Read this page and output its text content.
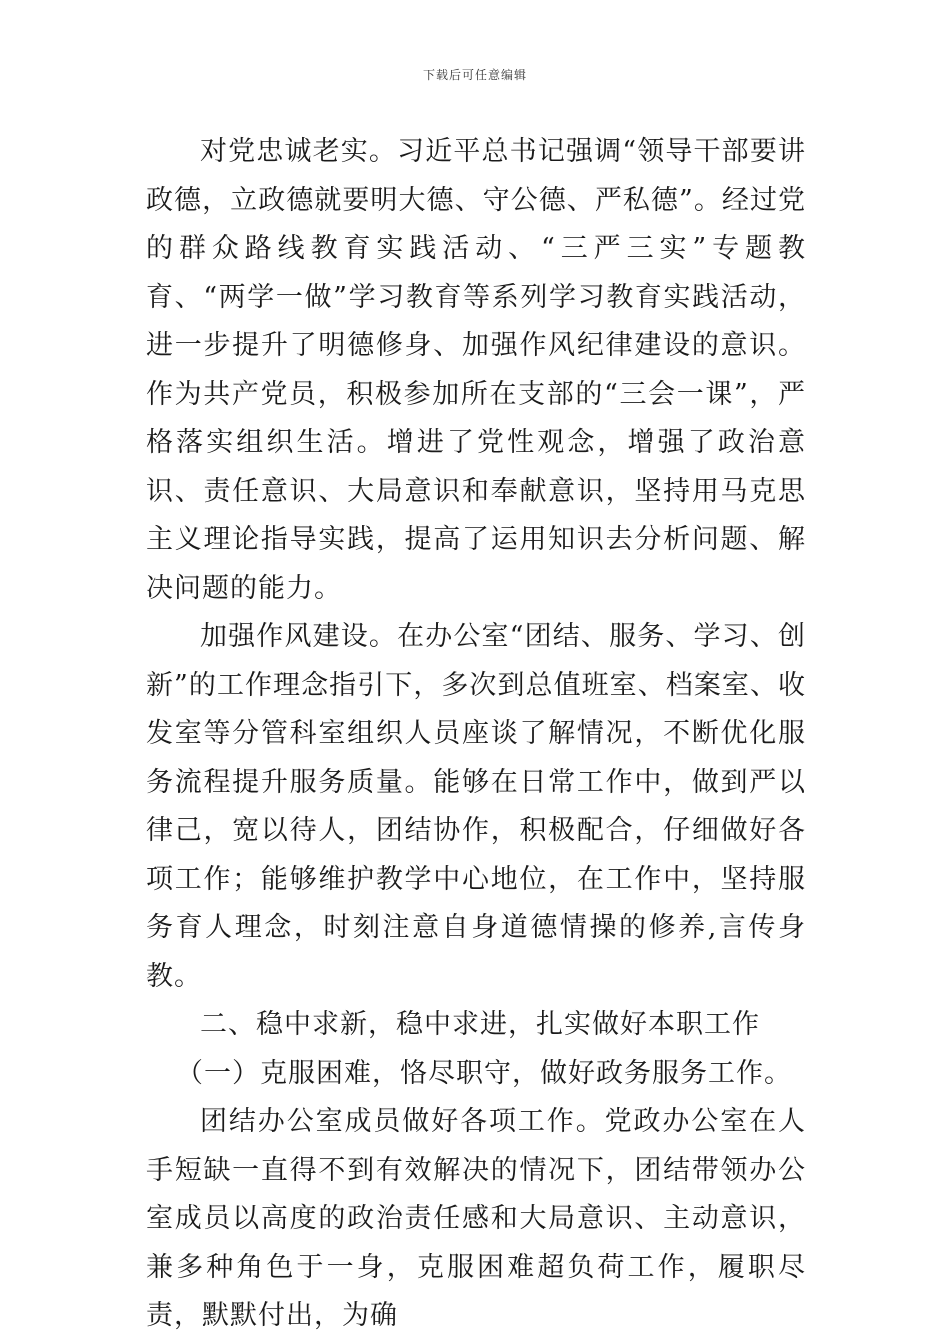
下载后可任意编辑

对党忠诚老实。习近平总书记强调“领导干部要讲政德，立政德就要明大德、守公德、严私德”。经过党的群众路线教育实践活动、“三严三实”专题教育、“两学一做”学习教育等系列学习教育实践活动，进一步提升了明德修身、加强作风纪律建设的意识。作为共产党员，积极参加所在支部的“三会一课”，严格落实组织生活。增进了党性观念，增强了政治意识、责任意识、大局意识和奉献意识，坚持用马克思主义理论指导实践，提高了运用知识去分析问题、解决问题的能力。

加强作风建设。在办公室“团结、服务、学习、创新”的工作理念指引下，多次到总值班室、档案室、收发室等分管科室组织人员座谈了解情况，不断优化服务流程提升服务质量。能够在日常工作中，做到严以律己，宽以待人，团结协作，积极配合，仔细做好各项工作；能够维护教学中心地位，在工作中，坚持服务育人理念，时刻注意自身道德情操的修养,言传身教。

二、稳中求新，稳中求进，扎实做好本职工作

（一）克服困难，恪尽职守，做好政务服务工作。

团结办公室成员做好各项工作。党政办公室在人手短缺一直得不到有效解决的情况下，团结带领办公室成员以高度的政治责任感和大局意识、主动意识，兼多种角色于一身，克服困难超负荷工作，履职尽责，默默付出，为确
